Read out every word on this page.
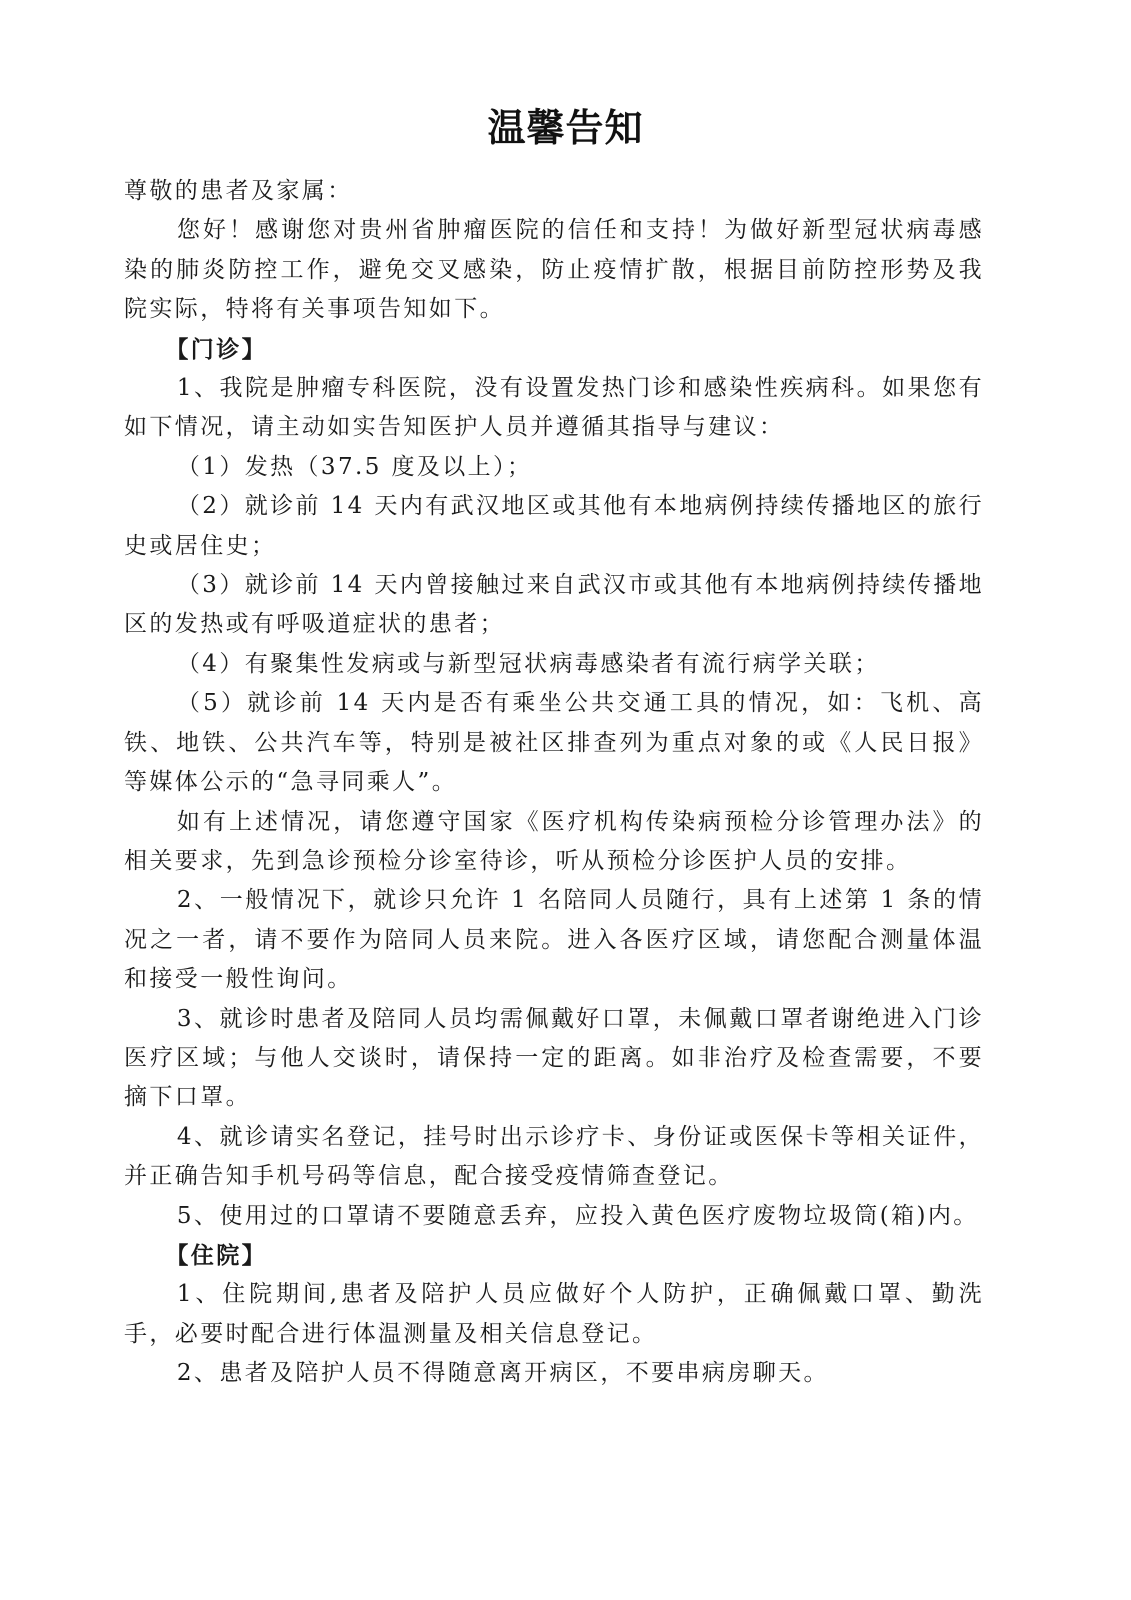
温馨告知

尊敬的患者及家属：

您好！感谢您对贵州省肿瘤医院的信任和支持！为做好新型冠状病毒感染的肺炎防控工作，避免交叉感染，防止疫情扩散，根据目前防控形势及我院实际，特将有关事项告知如下。

【门诊】

1、我院是肿瘤专科医院，没有设置发热门诊和感染性疾病科。如果您有如下情况，请主动如实告知医护人员并遵循其指导与建议：

（1）发热（37.5 度及以上）；

（2）就诊前 14 天内有武汉地区或其他有本地病例持续传播地区的旅行史或居住史；

（3）就诊前 14 天内曾接触过来自武汉市或其他有本地病例持续传播地区的发热或有呼吸道症状的患者；

（4）有聚集性发病或与新型冠状病毒感染者有流行病学关联；

（5）就诊前 14 天内是否有乘坐公共交通工具的情况，如：飞机、高铁、地铁、公共汽车等，特别是被社区排查列为重点对象的或《人民日报》等媒体公示的“急寻同乘人”。

如有上述情况，请您遵守国家《医疗机构传染病预检分诊管理办法》的相关要求，先到急诊预检分诊室待诊，听从预检分诊医护人员的安排。

2、一般情况下，就诊只允许 1 名陪同人员随行，具有上述第 1 条的情况之一者，请不要作为陪同人员来院。进入各医疗区域，请您配合测量体温和接受一般性询问。

3、就诊时患者及陪同人员均需佩戴好口罩，未佩戴口罩者谢绝进入门诊医疗区域；与他人交谈时，请保持一定的距离。如非治疗及检查需要，不要摘下口罩。

4、就诊请实名登记，挂号时出示诊疗卡、身份证或医保卡等相关证件，并正确告知手机号码等信息，配合接受疫情筛查登记。

5、使用过的口罩请不要随意丢弃，应投入黄色医疗废物垃圾筒(箱)内。

【住院】

1、住院期间,患者及陪护人员应做好个人防护，正确佩戴口罩、勤洗手，必要时配合进行体温测量及相关信息登记。

2、患者及陪护人员不得随意离开病区，不要串病房聊天。
